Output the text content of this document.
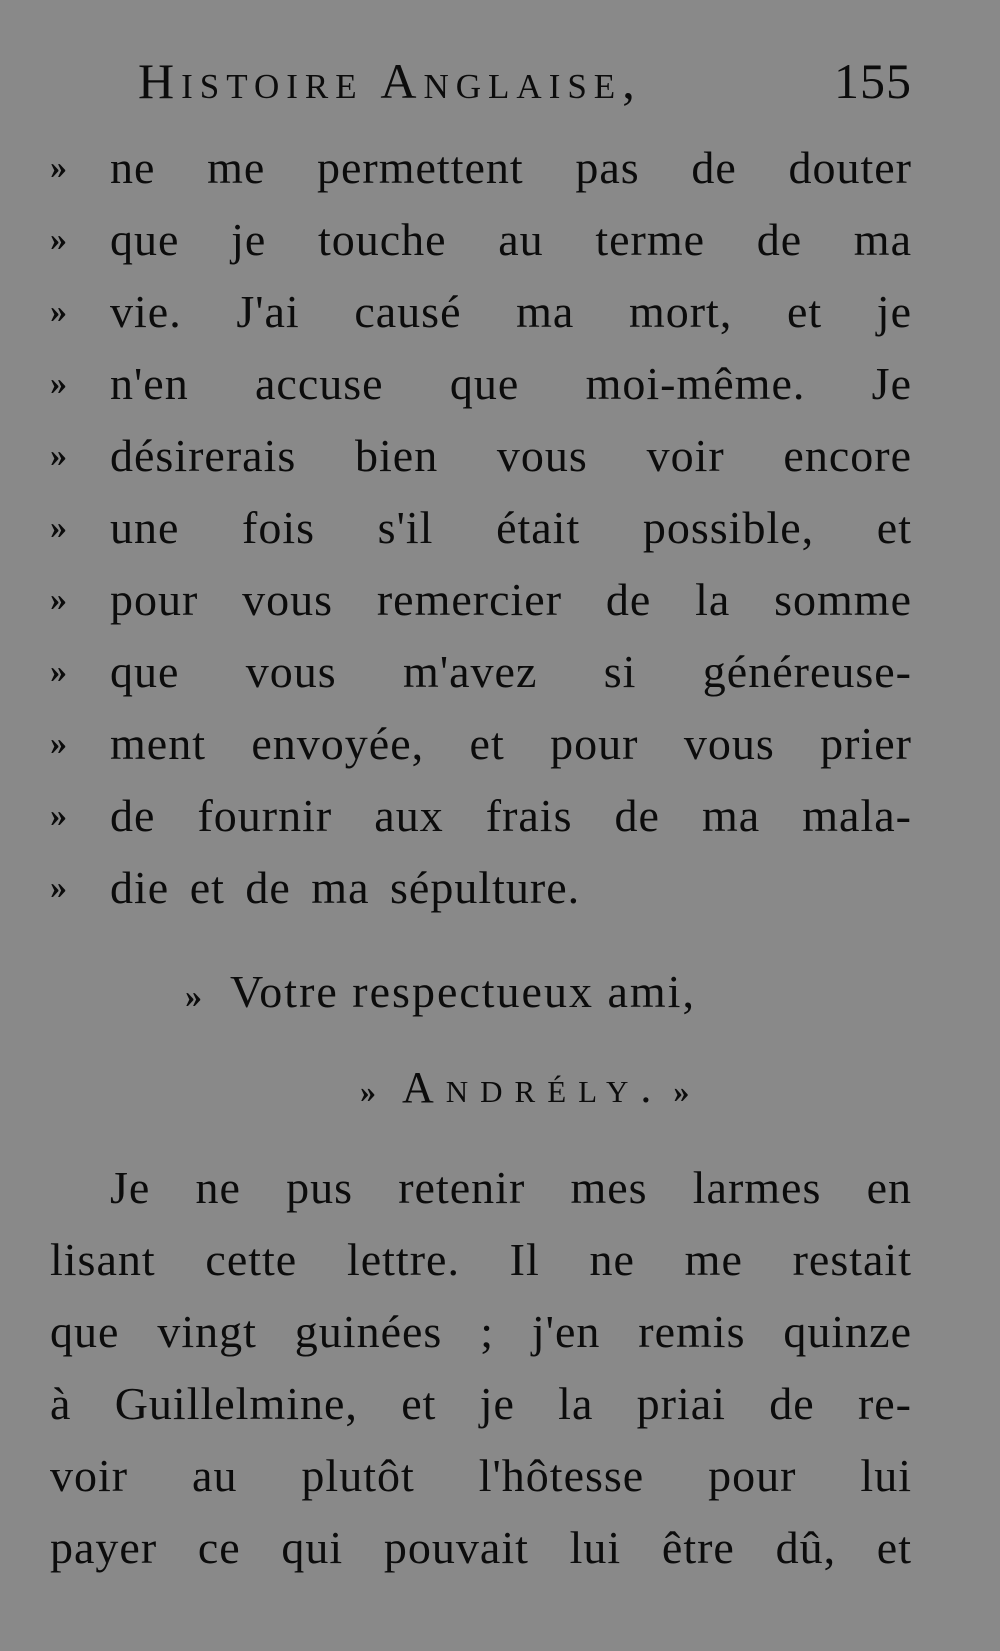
Histoire Anglaise,	155
» ne me permettent pas de douter
» que je touche au terme de ma
» vie. J'ai causé ma mort, et je
» n'en accuse que moi-même. Je
» désirerais bien vous voir encore
» une fois s'il était possible, et
» pour vous remercier de la somme
» que vous m'avez si généreuse-
» ment envoyée, et pour vous prier
» de fournir aux frais de ma mala-
» die et de ma sépulture.
» Votre respectueux ami,
» Andrély. »
Je ne pus retenir mes larmes en
lisant cette lettre. Il ne me restait
que vingt guinées ; j'en remis quinze
à Guillelmine, et je la priai de re-
voir au plutôt l'hôtesse pour lui
payer ce qui pouvait lui être dû, et
